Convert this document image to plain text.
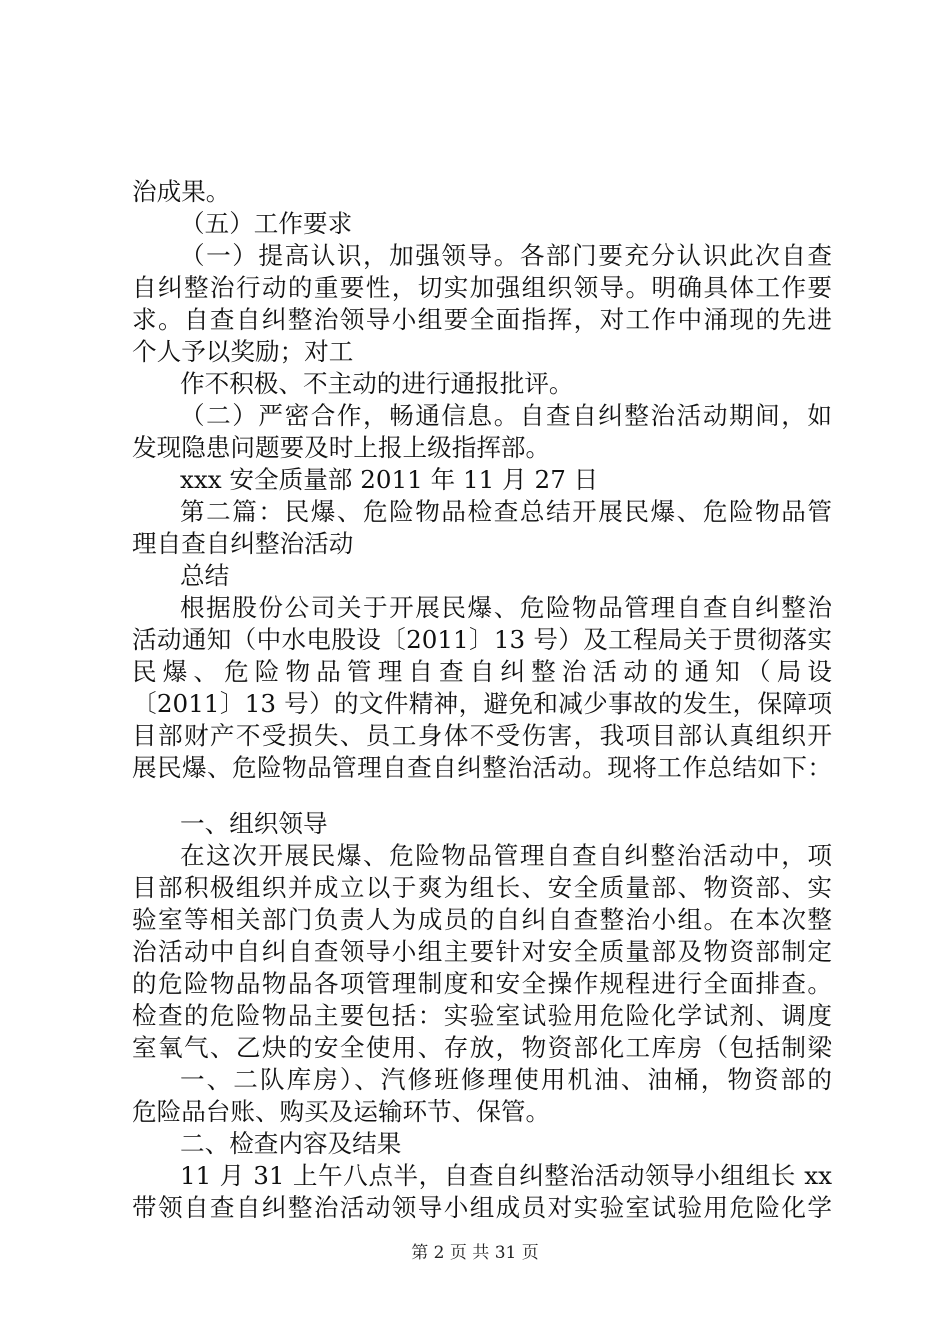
治成果。
（五）工作要求
（一）提高认识，加强领导。各部门要充分认识此次自查
自纠整治行动的重要性，切实加强组织领导。明确具体工作要
求。自查自纠整治领导小组要全面指挥，对工作中涌现的先进
个人予以奖励；对工
作不积极、不主动的进行通报批评。
（二）严密合作，畅通信息。自查自纠整治活动期间，如
发现隐患问题要及时上报上级指挥部。
xxx 安全质量部 2011 年 11 月 27 日
第二篇：民爆、危险物品检查总结开展民爆、危险物品管
理自查自纠整治活动
总结
根据股份公司关于开展民爆、危险物品管理自查自纠整治
活动通知（中水电股设〔2011〕13 号）及工程局关于贯彻落实
民爆、危险物品管理自查自纠整治活动的通知（局设
〔2011〕13 号）的文件精神，避免和减少事故的发生，保障项
目部财产不受损失、员工身体不受伤害，我项目部认真组织开
展民爆、危险物品管理自查自纠整治活动。现将工作总结如下：
一、组织领导
在这次开展民爆、危险物品管理自查自纠整治活动中，项
目部积极组织并成立以于爽为组长、安全质量部、物资部、实
验室等相关部门负责人为成员的自纠自查整治小组。在本次整
治活动中自纠自查领导小组主要针对安全质量部及物资部制定
的危险物品物品各项管理制度和安全操作规程进行全面排查。
检查的危险物品主要包括：实验室试验用危险化学试剂、调度
室氧气、乙炔的安全使用、存放，物资部化工库房（包括制梁
一、二队库房）、汽修班修理使用机油、油桶，物资部的
危险品台账、购买及运输环节、保管。
二、检查内容及结果
11 月 31 上午八点半，自查自纠整治活动领导小组组长 xx
带领自查自纠整治活动领导小组成员对实验室试验用危险化学
第 2 页 共 31 页
